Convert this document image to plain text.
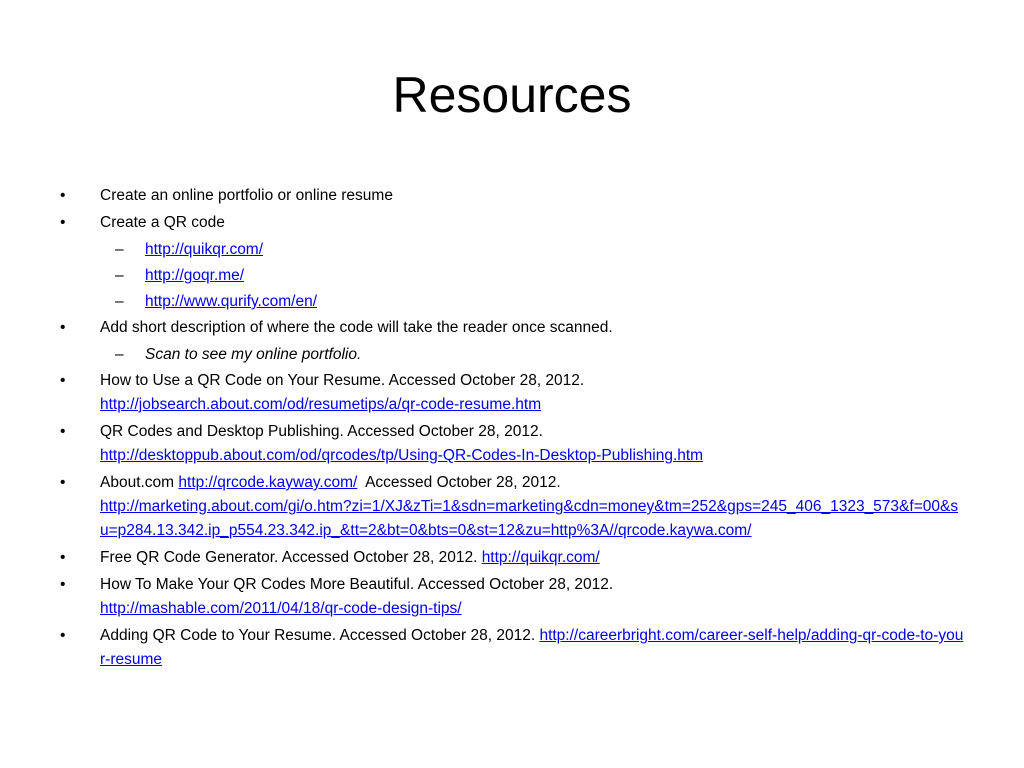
Resources
•	Create an online portfolio or online resume
•	Create a QR code
–	http://quikqr.com/
–	http://goqr.me/
–	http://www.qurify.com/en/
•	Add short description of where the code will take the reader once scanned.
–	Scan to see my online portfolio.
•	How to Use a QR Code on Your Resume. Accessed October 28, 2012.
http://jobsearch.about.com/od/resumetips/a/qr-code-resume.htm
•	QR Codes and Desktop Publishing. Accessed October 28, 2012.
http://desktoppub.about.com/od/qrcodes/tp/Using-QR-Codes-In-Desktop-Publishing.htm
•	About.com http://qrcode.kayway.com/ Accessed October 28, 2012.
http://marketing.about.com/gi/o.htm?zi=1/XJ&zTi=1&sdn=marketing&cdn=money&tm=252&gps=245_406_1323_573&f=00&su=p284.13.342.ip_p554.23.342.ip_&tt=2&bt=0&bts=0&st=12&zu=http%3A//qrcode.kaywa.com/
•	Free QR Code Generator. Accessed October 28, 2012. http://quikqr.com/
•	How To Make Your QR Codes More Beautiful. Accessed October 28, 2012.
http://mashable.com/2011/04/18/qr-code-design-tips/
•	Adding QR Code to Your Resume. Accessed October 28, 2012. http://careerbright.com/career-self-help/adding-qr-code-to-your-resume
